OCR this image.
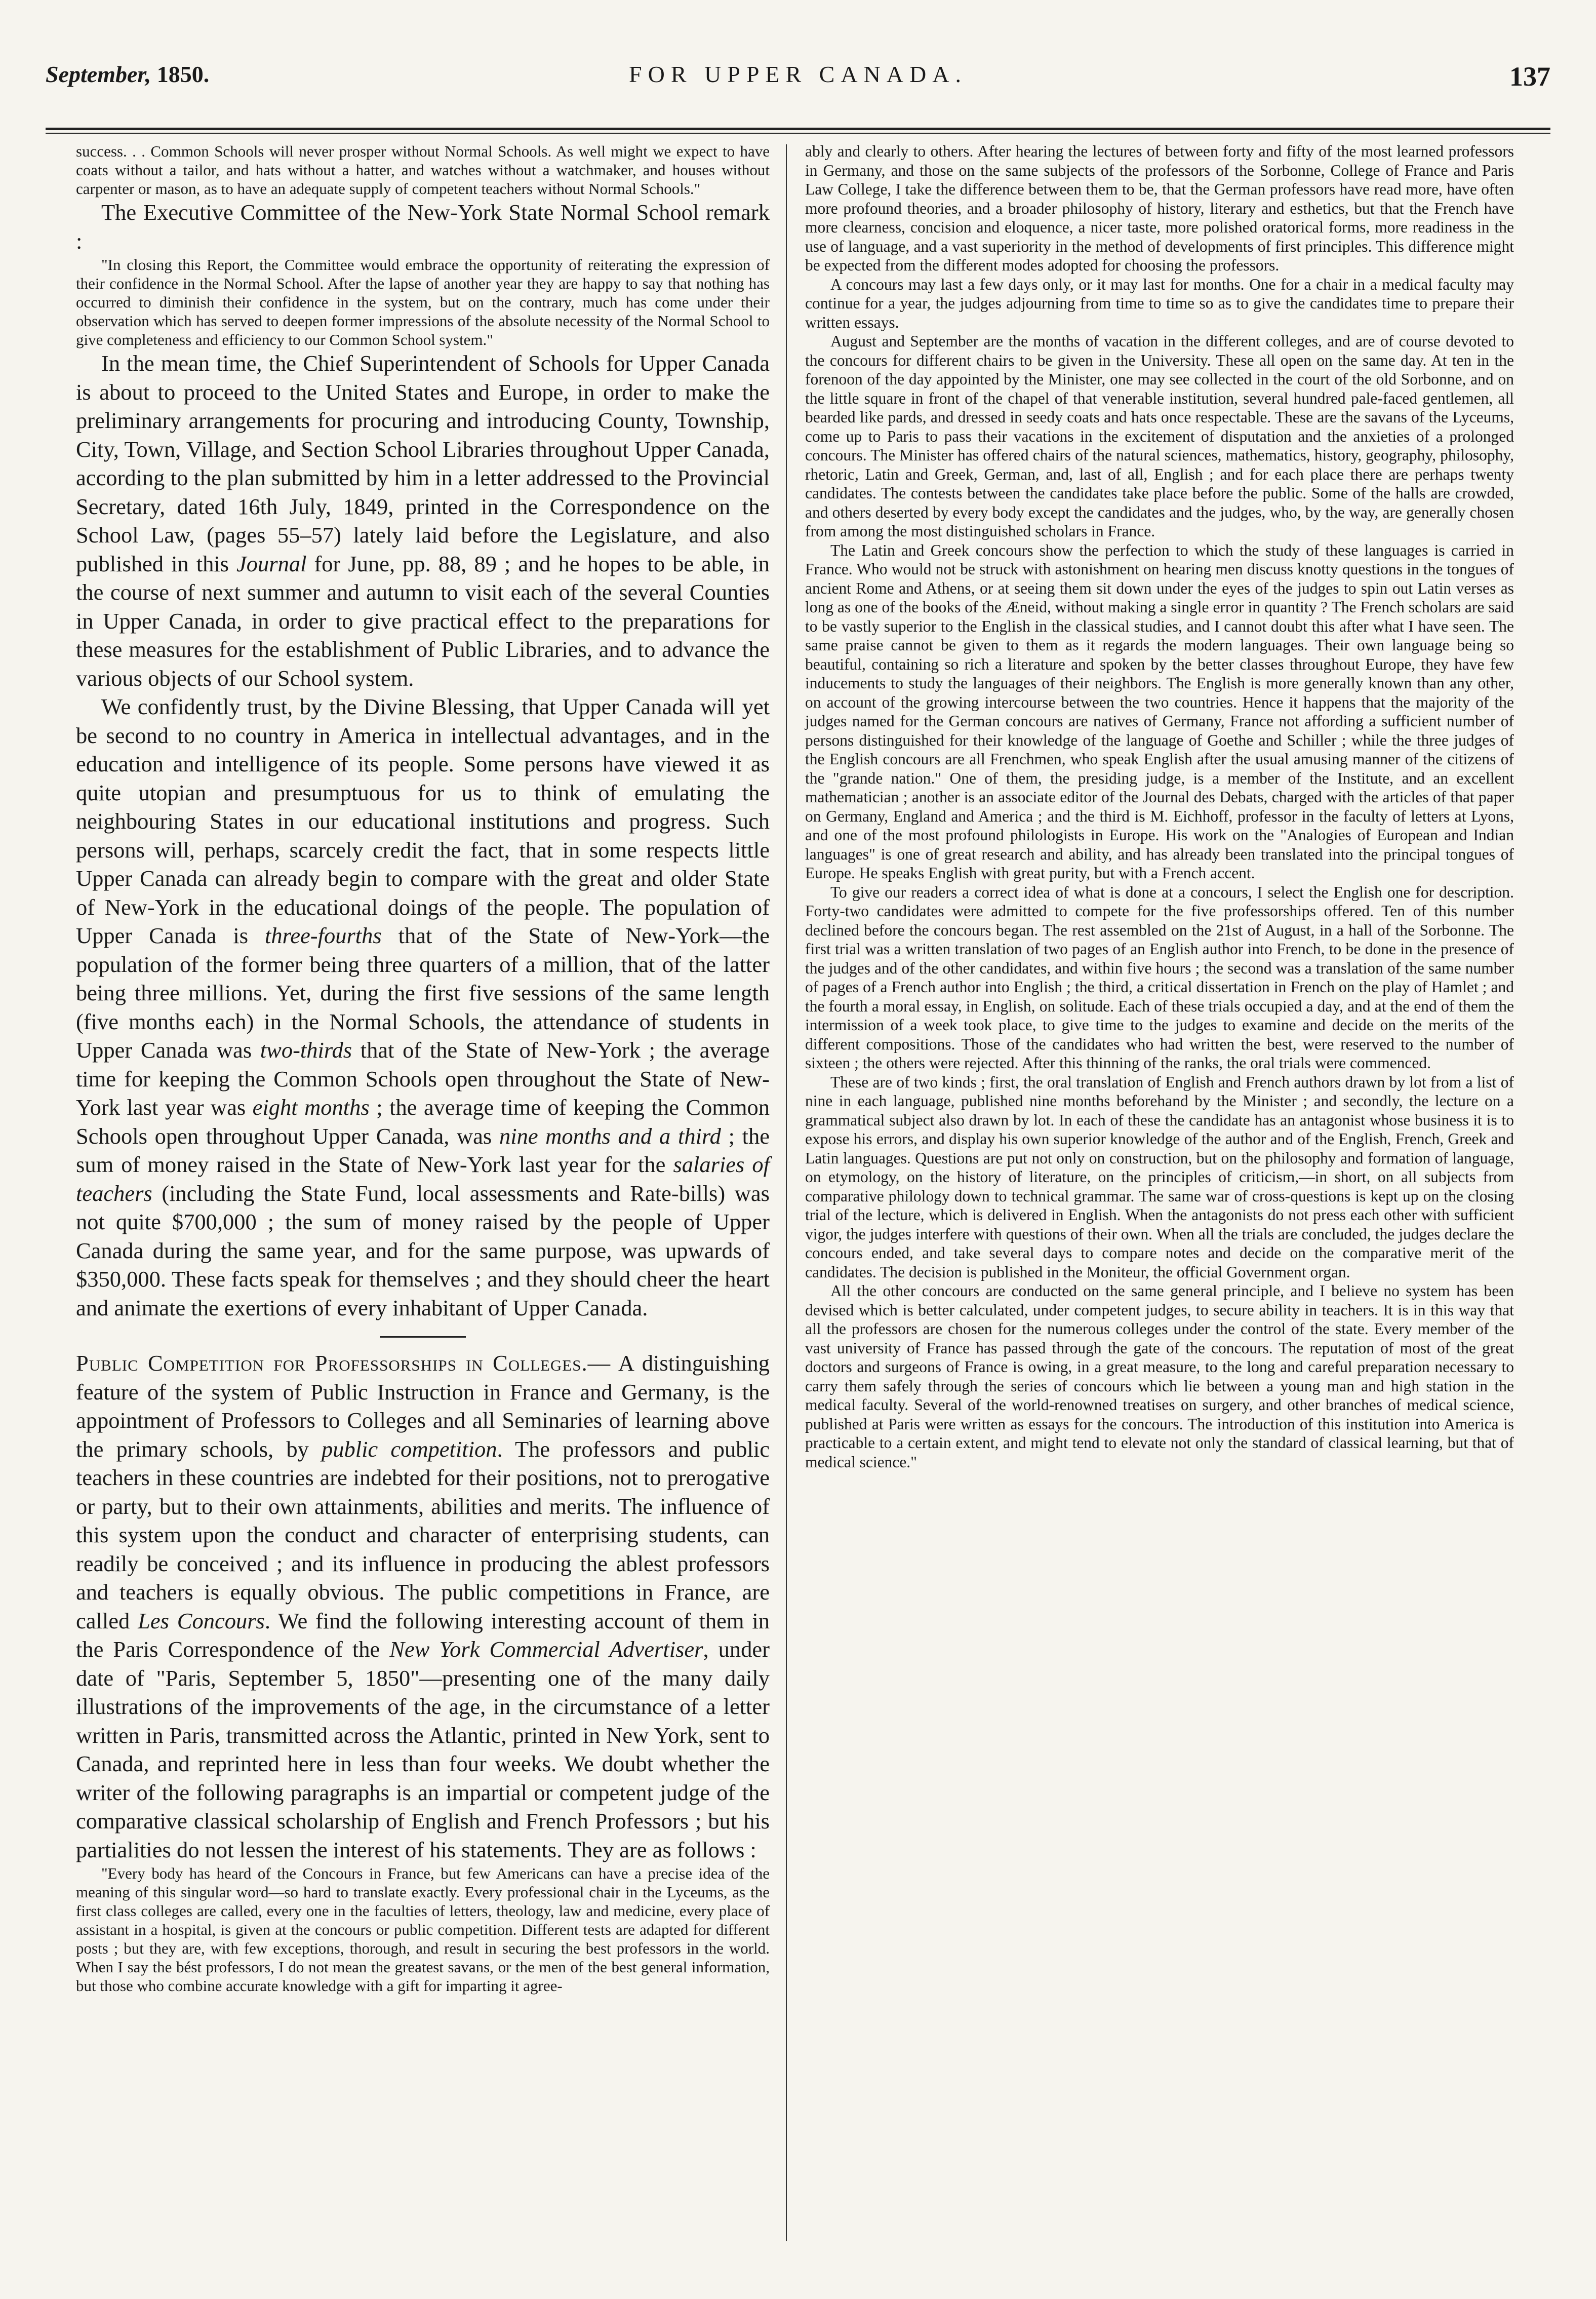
September, 1850.	FOR UPPER CANADA.	137

success. . . Common Schools will never prosper without Normal Schools. As well might we expect to have coats without a tailor, and hats without a hatter, and watches without a watchmaker, and houses without carpenter or mason, as to have an adequate supply of competent teachers without Normal Schools."

The Executive Committee of the New-York State Normal School remark :

"In closing this Report, the Committee would embrace the opportunity of reiterating the expression of their confidence in the Normal School. After the lapse of another year they are happy to say that nothing has occurred to diminish their confidence in the system, but on the contrary, much has come under their observation which has served to deepen former impressions of the absolute necessity of the Normal School to give completeness and efficiency to our Common School system."

In the mean time, the Chief Superintendent of Schools for Upper Canada is about to proceed to the United States and Europe, in order to make the preliminary arrangements for procuring and introducing County, Township, City, Town, Village, and Section School Libraries throughout Upper Canada, according to the plan submitted by him in a letter addressed to the Provincial Secretary, dated 16th July, 1849, printed in the Correspondence on the School Law, (pages 55–57) lately laid before the Legislature, and also published in this Journal for June, pp. 88, 89 ; and he hopes to be able, in the course of next summer and autumn to visit each of the several Counties in Upper Canada, in order to give practical effect to the preparations for these measures for the establishment of Public Libraries, and to advance the various objects of our School system.

We confidently trust, by the Divine Blessing, that Upper Canada will yet be second to no country in America in intellectual advantages, and in the education and intelligence of its people. Some persons have viewed it as quite utopian and presumptuous for us to think of emulating the neighbouring States in our educational institutions and progress. Such persons will, perhaps, scarcely credit the fact, that in some respects little Upper Canada can already begin to compare with the great and older State of New-York in the educational doings of the people. The population of Upper Canada is three-fourths that of the State of New-York—the population of the former being three quarters of a million, that of the latter being three millions. Yet, during the first five sessions of the same length (five months each) in the Normal Schools, the attendance of students in Upper Canada was two-thirds that of the State of New-York ; the average time for keeping the Common Schools open throughout the State of New-York last year was eight months ; the average time of keeping the Common Schools open throughout Upper Canada, was nine months and a third ; the sum of money raised in the State of New-York last year for the salaries of teachers (including the State Fund, local assessments and Rate-bills) was not quite $700,000 ; the sum of money raised by the people of Upper Canada during the same year, and for the same purpose, was upwards of $350,000. These facts speak for themselves ; and they should cheer the heart and animate the exertions of every inhabitant of Upper Canada.

Public Competition for Professorships in Colleges.— A distinguishing feature of the system of Public Instruction in France and Germany, is the appointment of Professors to Colleges and all Seminaries of learning above the primary schools, by public competition. The professors and public teachers in these countries are indebted for their positions, not to prerogative or party, but to their own attainments, abilities and merits. The influence of this system upon the conduct and character of enterprising students, can readily be conceived ; and its influence in producing the ablest professors and teachers is equally obvious. The public competitions in France, are called Les Concours. We find the following interesting account of them in the Paris Correspondence of the New York Commercial Advertiser, under date of "Paris, September 5, 1850"—presenting one of the many daily illustrations of the improvements of the age, in the circumstance of a letter written in Paris, transmitted across the Atlantic, printed in New York, sent to Canada, and reprinted here in less than four weeks. We doubt whether the writer of the following paragraphs is an impartial or competent judge of the comparative classical scholarship of English and French Professors ; but his partialities do not lessen the interest of his statements. They are as follows :

"Every body has heard of the Concours in France, but few Americans can have a precise idea of the meaning of this singular word—so hard to translate exactly. Every professional chair in the Lyceums, as the first class colleges are called, every one in the faculties of letters, theology, law and medicine, every place of assistant in a hospital, is given at the concours or public competition. Different tests are adapted for different posts ; but they are, with few exceptions, thorough, and result in securing the best professors in the world. When I say the bést professors, I do not mean the greatest savans, or the men of the best general information, but those who combine accurate knowledge with a gift for imparting it agree-

ably and clearly to others. After hearing the lectures of between forty and fifty of the most learned professors in Germany, and those on the same subjects of the professors of the Sorbonne, College of France and Paris Law College, I take the difference between them to be, that the German professors have read more, have often more profound theories, and a broader philosophy of history, literary and esthetics, but that the French have more clearness, concision and eloquence, a nicer taste, more polished oratorical forms, more readiness in the use of language, and a vast superiority in the method of developments of first principles. This difference might be expected from the different modes adopted for choosing the professors.

A concours may last a few days only, or it may last for months. One for a chair in a medical faculty may continue for a year, the judges adjourning from time to time so as to give the candidates time to prepare their written essays.

August and September are the months of vacation in the different colleges, and are of course devoted to the concours for different chairs to be given in the University. These all open on the same day. At ten in the forenoon of the day appointed by the Minister, one may see collected in the court of the old Sorbonne, and on the little square in front of the chapel of that venerable institution, several hundred pale-faced gentlemen, all bearded like pards, and dressed in seedy coats and hats once respectable. These are the savans of the Lyceums, come up to Paris to pass their vacations in the excitement of disputation and the anxieties of a prolonged concours. The Minister has offered chairs of the natural sciences, mathematics, history, geography, philosophy, rhetoric, Latin and Greek, German, and, last of all, English ; and for each place there are perhaps twenty candidates. The contests between the candidates take place before the public. Some of the halls are crowded, and others deserted by every body except the candidates and the judges, who, by the way, are generally chosen from among the most distinguished scholars in France.

The Latin and Greek concours show the perfection to which the study of these languages is carried in France. Who would not be struck with astonishment on hearing men discuss knotty questions in the tongues of ancient Rome and Athens, or at seeing them sit down under the eyes of the judges to spin out Latin verses as long as one of the books of the Æneid, without making a single error in quantity ? The French scholars are said to be vastly superior to the English in the classical studies, and I cannot doubt this after what I have seen. The same praise cannot be given to them as it regards the modern languages. Their own language being so beautiful, containing so rich a literature and spoken by the better classes throughout Europe, they have few inducements to study the languages of their neighbors. The English is more generally known than any other, on account of the growing intercourse between the two countries. Hence it happens that the majority of the judges named for the German concours are natives of Germany, France not affording a sufficient number of persons distinguished for their knowledge of the language of Goethe and Schiller ; while the three judges of the English concours are all Frenchmen, who speak English after the usual amusing manner of the citizens of the "grande nation." One of them, the presiding judge, is a member of the Institute, and an excellent mathematician ; another is an associate editor of the Journal des Debats, charged with the articles of that paper on Germany, England and America ; and the third is M. Eichhoff, professor in the faculty of letters at Lyons, and one of the most profound philologists in Europe. His work on the "Analogies of European and Indian languages" is one of great research and ability, and has already been translated into the principal tongues of Europe. He speaks English with great purity, but with a French accent.

To give our readers a correct idea of what is done at a concours, I select the English one for description. Forty-two candidates were admitted to compete for the five professorships offered. Ten of this number declined before the concours began. The rest assembled on the 21st of August, in a hall of the Sorbonne. The first trial was a written translation of two pages of an English author into French, to be done in the presence of the judges and of the other candidates, and within five hours ; the second was a translation of the same number of pages of a French author into English ; the third, a critical dissertation in French on the play of Hamlet ; and the fourth a moral essay, in English, on solitude. Each of these trials occupied a day, and at the end of them the intermission of a week took place, to give time to the judges to examine and decide on the merits of the different compositions. Those of the candidates who had written the best, were reserved to the number of sixteen ; the others were rejected. After this thinning of the ranks, the oral trials were commenced.

These are of two kinds ; first, the oral translation of English and French authors drawn by lot from a list of nine in each language, published nine months beforehand by the Minister ; and secondly, the lecture on a grammatical subject also drawn by lot. In each of these the candidate has an antagonist whose business it is to expose his errors, and display his own superior knowledge of the author and of the English, French, Greek and Latin languages. Questions are put not only on construction, but on the philosophy and formation of language, on etymology, on the history of literature, on the principles of criticism,—in short, on all subjects from comparative philology down to technical grammar. The same war of cross-questions is kept up on the closing trial of the lecture, which is delivered in English. When the antagonists do not press each other with sufficient vigor, the judges interfere with questions of their own. When all the trials are concluded, the judges declare the concours ended, and take several days to compare notes and decide on the comparative merit of the candidates. The decision is published in the Moniteur, the official Government organ.

All the other concours are conducted on the same general principle, and I believe no system has been devised which is better calculated, under competent judges, to secure ability in teachers. It is in this way that all the professors are chosen for the numerous colleges under the control of the state. Every member of the vast university of France has passed through the gate of the concours. The reputation of most of the great doctors and surgeons of France is owing, in a great measure, to the long and careful preparation necessary to carry them safely through the series of concours which lie between a young man and high station in the medical faculty. Several of the world-renowned treatises on surgery, and other branches of medical science, published at Paris were written as essays for the concours. The introduction of this institution into America is practicable to a certain extent, and might tend to elevate not only the standard of classical learning, but that of medical science."
